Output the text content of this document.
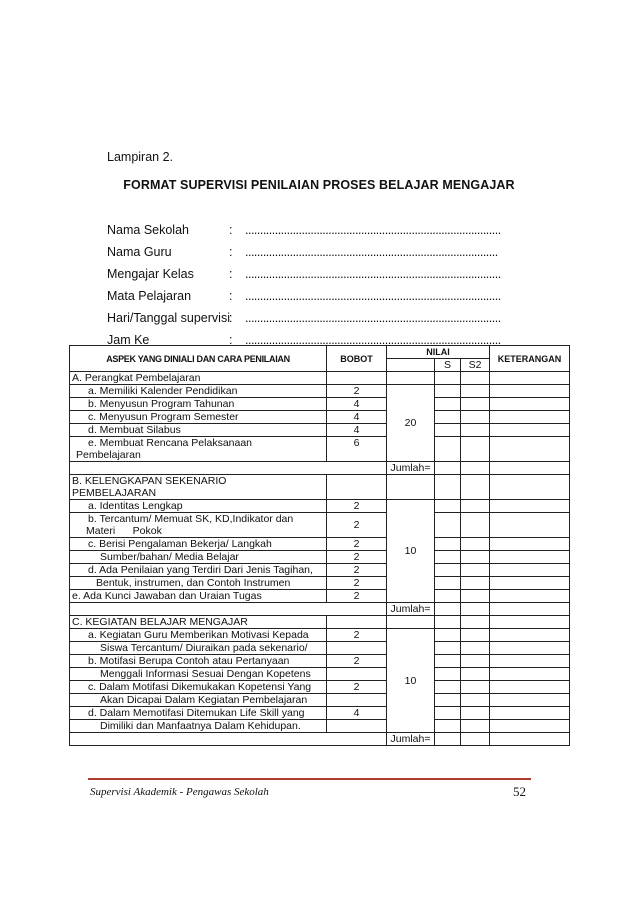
Lampiran 2.
FORMAT SUPERVISI PENILAIAN PROSES BELAJAR MENGAJAR
Nama Sekolah	:	......................................................................................
Nama Guru	:	.....................................................................................
Mengajar Kelas	:	......................................................................................
Mata Pelajaran	:	......................................................................................
Hari/Tanggal supervisi :	......................................................................................
Jam Ke	:	......................................................................................
ASPEK YANG DINIALI DAN CARA PENILAIAN	BOBOT	NILAI			KETERANGAN
			S	S2	
A. Perangkat Pembelajaran					
a. Memiliki Kalender Pendidikan	2	20			
b. Menyusun Program Tahunan	4				
c. Menyusun Program Semester	4				
d. Membuat Silabus	4				

e. Membuat Rencana Pelaksanaan
Pembelajaran	6				
		Jumlah=			

B. KELENGKAPAN SEKENARIO
PEMBELAJARAN					

a. Identitas Lengkap	2	10			

b. Tercantum/ Memuat SK, KD,Indikator dan
Materi      Pokok	2				
c. Berisi Pengalaman Bekerja/ Langkah	2				
Sumber/bahan/ Media Belajar	2				
d. Ada Penilaian yang Terdiri Dari Jenis Tagihan,	2				
Bentuk, instrumen, dan Contoh Instrumen	2				
e. Ada Kunci Jawaban dan Uraian Tugas	2				
		Jumlah=			
C. KEGIATAN BELAJAR MENGAJAR					
a. Kegiatan Guru Memberikan Motivasi Kepada	2	10			
Siswa Tercantum/ Diuraikan pada sekenario/					
b. Motifasi Berupa Contoh atau Pertanyaan	2				
Menggali Informasi Sesuai Dengan Kopetens					
c. Dalam Motifasi Dikemukakan Kopetensi Yang	2				
Akan Dicapai Dalam Kegiatan Pembelajaran					
d. Dalam Memotifasi Ditemukan Life Skill yang	4				
Dimiliki dan Manfaatnya Dalam Kehidupan.					
		Jumlah=			
Supervisi Akademik - Pengawas Sekolah	52
